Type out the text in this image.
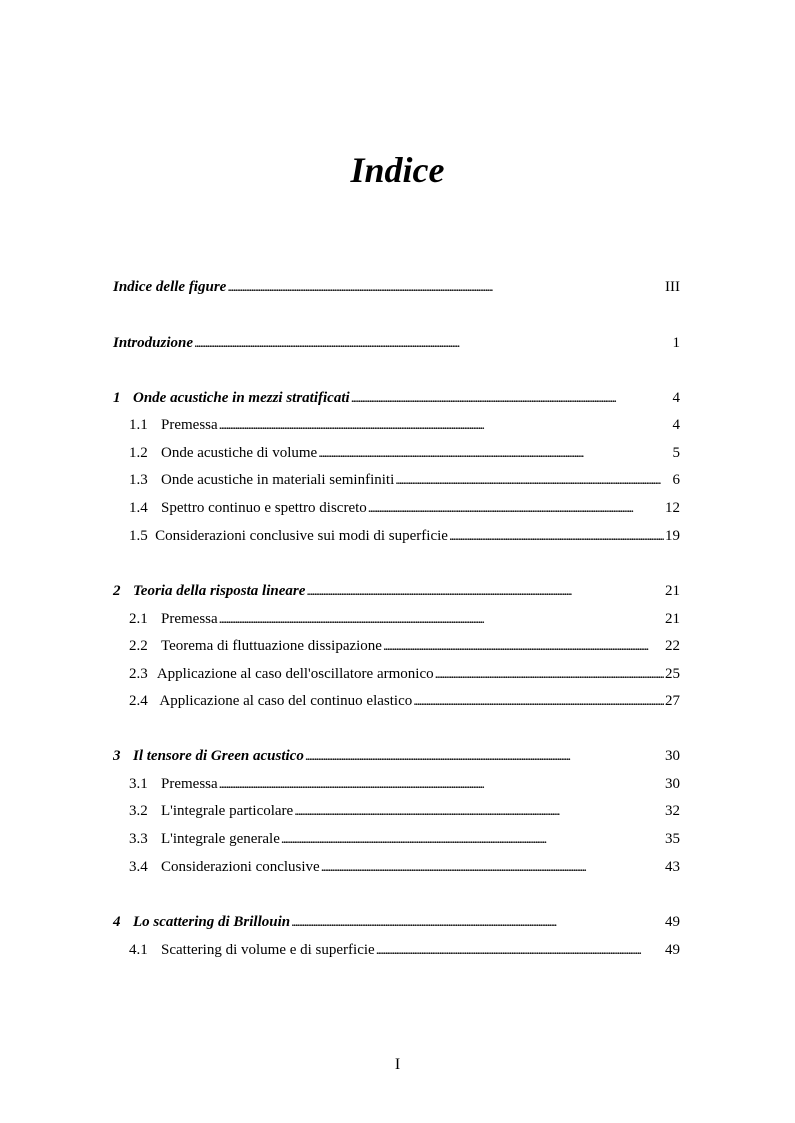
Indice
Indice delle figure . . .	III
Introduzione . . .	1
1 Onde acustiche in mezzi stratificati . . .	4
1.1 Premessa . . .	4
1.2 Onde acustiche di volume . . .	5
1.3 Onde acustiche in materiali seminfiniti . . .	6
1.4 Spettro continuo e spettro discreto . . .	12
1.5 Considerazioni conclusive sui modi di superficie . . .	19
2 Teoria della risposta lineare . . .	21
2.1 Premessa . . .	21
2.2 Teorema di fluttuazione dissipazione . . .	22
2.3 Applicazione al caso dell'oscillatore armonico . . .	25
2.4 Applicazione al caso del continuo elastico . . .	27
3 Il tensore di Green acustico . . .	30
3.1 Premessa . . .	30
3.2 L'integrale particolare . . .	32
3.3 L'integrale generale . . .	35
3.4 Considerazioni conclusive . . .	43
4 Lo scattering di Brillouin . . .	49
4.1 Scattering di volume e di superficie . . .	49
I
